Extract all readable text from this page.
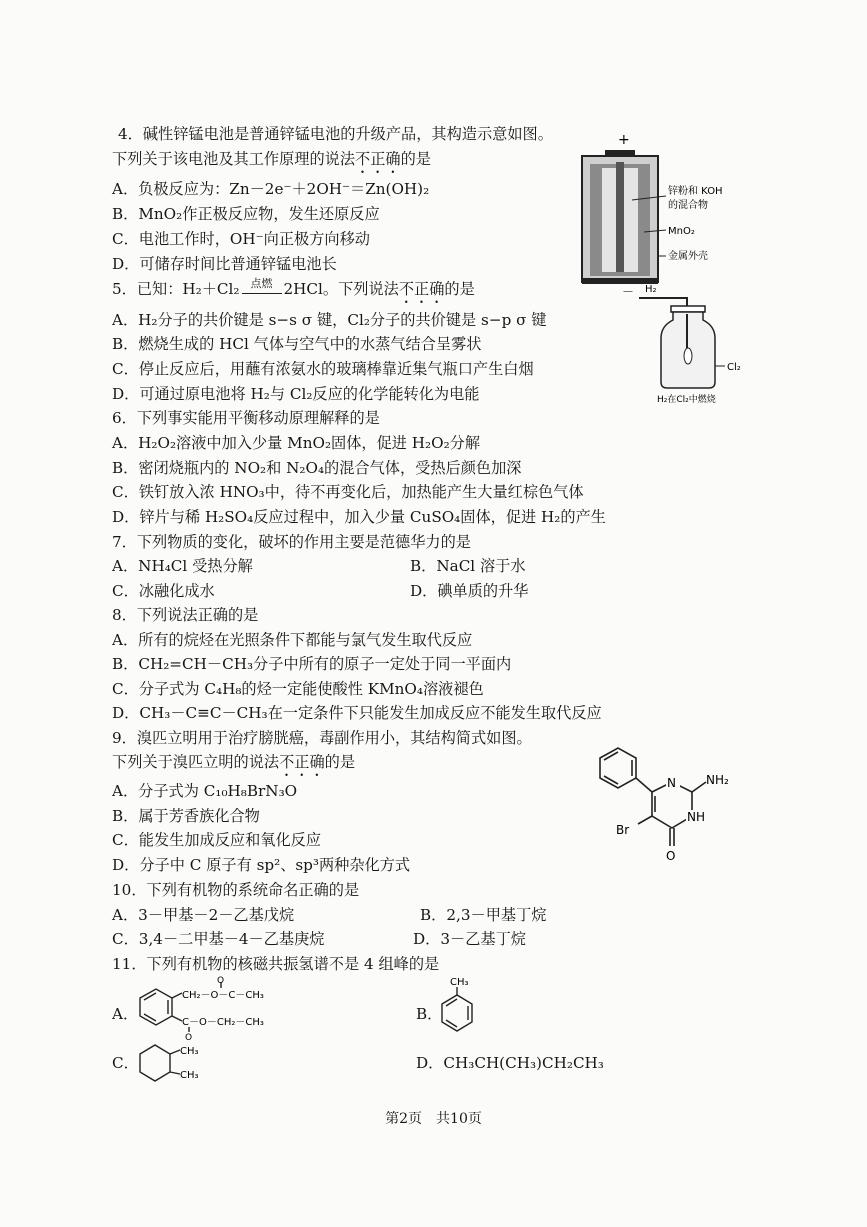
4．碱性锌锰电池是普通锌锰电池的升级产品，其构造示意如图。
下列关于该电池及其工作原理的说法不正确的是
A．负极反应为：Zn－2e⁻＋2OH⁻＝Zn(OH)₂
B．MnO₂作正极反应物，发生还原反应
C．电池工作时，OH⁻向正极方向移动
D．可储存时间比普通锌锰电池长
+
锌粉和 KOH
的混合物
MnO₂
金属外壳
－
5．已知：H₂＋Cl₂	点燃 2HCl。下列说法不正确的是
A．H₂分子的共价键是 s−s σ 键，Cl₂分子的共价键是 s−p σ 键
B．燃烧生成的 HCl 气体与空气中的水蒸气结合呈雾状
C．停止反应后，用蘸有浓氨水的玻璃棒靠近集气瓶口产生白烟
D．可通过原电池将 H₂与 Cl₂反应的化学能转化为电能
H₂
Cl₂
H₂在Cl₂中燃烧
6．下列事实能用平衡移动原理解释的是
A．H₂O₂溶液中加入少量 MnO₂固体，促进 H₂O₂分解
B．密闭烧瓶内的 NO₂和 N₂O₄的混合气体，受热后颜色加深
C．铁钉放入浓 HNO₃中，待不再变化后，加热能产生大量红棕色气体
D．锌片与稀 H₂SO₄反应过程中，加入少量 CuSO₄固体，促进 H₂的产生
7．下列物质的变化，破坏的作用主要是范德华力的是
A．NH₄Cl 受热分解	B．NaCl 溶于水
C．冰融化成水	D．碘单质的升华
8．下列说法正确的是
A．所有的烷烃在光照条件下都能与氯气发生取代反应
B．CH₂=CH－CH₃分子中所有的原子一定处于同一平面内
C．分子式为 C₄H₈的烃一定能使酸性 KMnO₄溶液褪色
D．CH₃－C≡C－CH₃在一定条件下只能发生加成反应不能发生取代反应
9．溴匹立明用于治疗膀胱癌，毒副作用小，其结构简式如图。
下列关于溴匹立明的说法不正确的是
A．分子式为 C₁₀H₈BrN₃O
B．属于芳香族化合物
C．能发生加成反应和氧化反应
D．分子中 C 原子有 sp²、sp³两种杂化方式
N
NH
NH₂
Br
O
10．下列有机物的系统命名正确的是
A．3－甲基－2－乙基戊烷	B．2,3－甲基丁烷
C．3,4－二甲基－4－乙基庚烷	D．3－乙基丁烷
11．下列有机物的核磁共振氢谱不是 4 组峰的是
A．
O
CH₂－O－C－CH₃
C－O－CH₂－CH₃
O
B．
CH₃
C．
CH₃
CH₃
D．CH₃CH(CH₃)CH₂CH₃
第2页　共10页
